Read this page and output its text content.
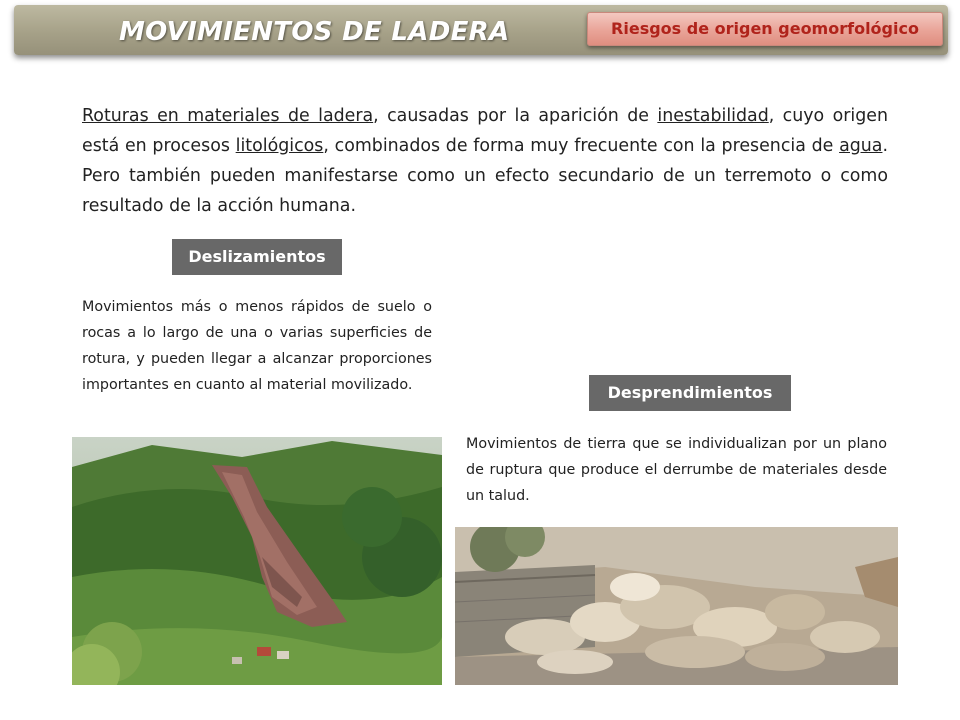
MOVIMIENTOS DE LADERA	Riesgos de origen geomorfológico

Roturas en materiales de ladera, causadas por la aparición de inestabilidad, cuyo origen está en procesos litológicos, combinados de forma muy frecuente con la presencia de agua. Pero también pueden manifestarse como un efecto secundario de un terremoto o como resultado de la acción humana.

Deslizamientos

Movimientos más o menos rápidos de suelo o rocas a lo largo de una o varias superficies de rotura, y pueden llegar a alcanzar proporciones importantes en cuanto al material movilizado.	Desprendimientos

Movimientos de tierra que se individualizan por un plano de ruptura que produce el derrumbe de materiales desde un talud.
